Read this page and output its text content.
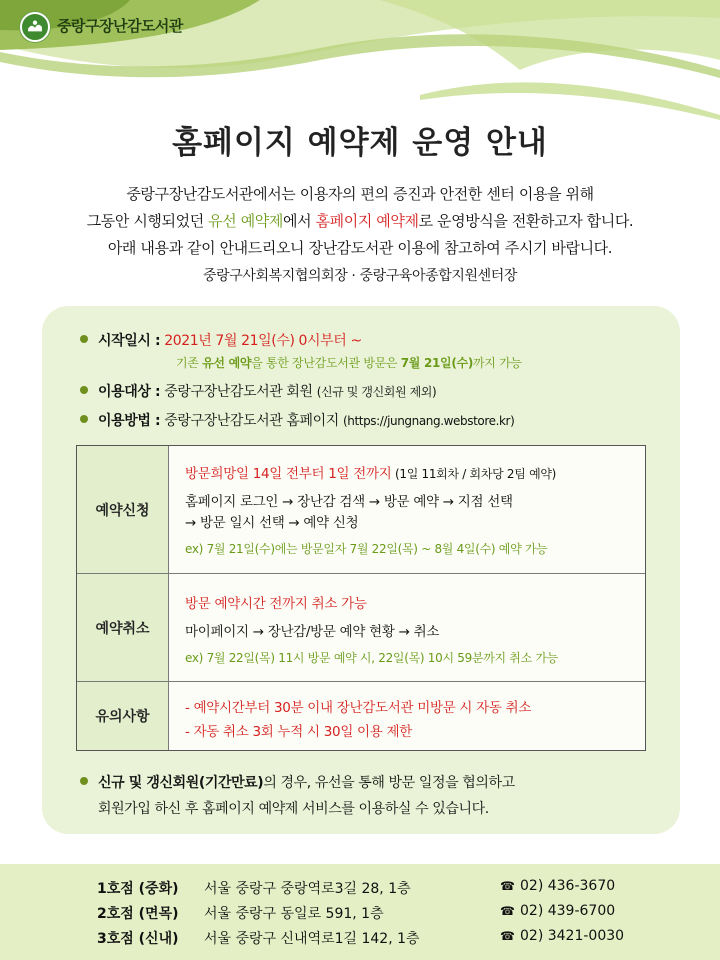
중랑구장난감도서관
홈페이지 예약제 운영 안내
중랑구장난감도서관에서는 이용자의 편의 증진과 안전한 센터 이용을 위해
그동안 시행되었던 유선 예약제에서 홈페이지 예약제로 운영방식을 전환하고자 합니다.
아래 내용과 같이 안내드리오니 장난감도서관 이용에 참고하여 주시기 바랍니다.
중랑구사회복지협의회장 · 중랑구육아종합지원센터장
시작일시 : 2021년 7월 21일(수) 0시부터 ~
기존 유선 예약을 통한 장난감도서관 방문은 7월 21일(수)까지 가능
이용대상 : 중랑구장난감도서관 회원 (신규 및 갱신회원 제외)
이용방법 : 중랑구장난감도서관 홈페이지 (https://jungnang.webstore.kr)
예약신청
방문희망일 14일 전부터 1일 전까지 (1일 11회차 / 회차당 2팀 예약)
홈페이지 로그인 → 장난감 검색 → 방문 예약 → 지점 선택
→ 방문 일시 선택 → 예약 신청
ex) 7월 21일(수)에는 방문일자 7월 22일(목) ~ 8월 4일(수) 예약 가능
예약취소
방문 예약시간 전까지 취소 가능
마이페이지 → 장난감/방문 예약 현황 → 취소
ex) 7월 22일(목) 11시 방문 예약 시, 22일(목) 10시 59분까지 취소 가능
유의사항
- 예약시간부터 30분 이내 장난감도서관 미방문 시 자동 취소
- 자동 취소 3회 누적 시 30일 이용 제한
신규 및 갱신회원(기간만료)의 경우, 유선을 통해 방문 일정을 협의하고
회원가입 하신 후 홈페이지 예약제 서비스를 이용하실 수 있습니다.
1호점 (중화) 서울 중랑구 중랑역로3길 28, 1층	☎ 02) 436-3670
2호점 (면목) 서울 중랑구 동일로 591, 1층	☎ 02) 439-6700
3호점 (신내) 서울 중랑구 신내역로1길 142, 1층	☎ 02) 3421-0030
